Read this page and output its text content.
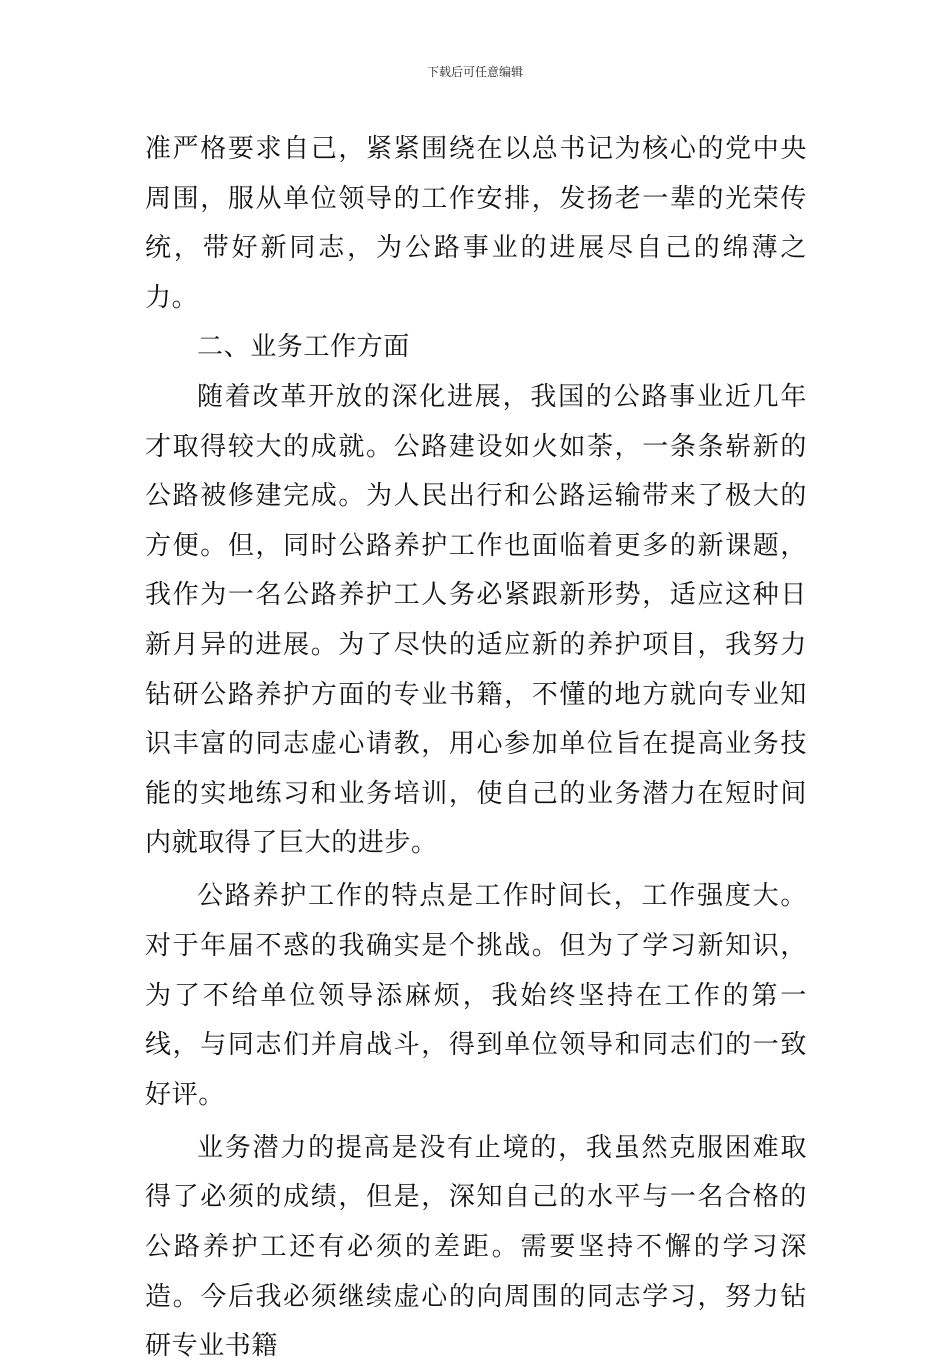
下载后可任意编辑

准严格要求自己，紧紧围绕在以总书记为核心的党中央周围，服从单位领导的工作安排，发扬老一辈的光荣传统，带好新同志，为公路事业的进展尽自己的绵薄之力。

二、业务工作方面

随着改革开放的深化进展，我国的公路事业近几年才取得较大的成就。公路建设如火如荼，一条条崭新的公路被修建完成。为人民出行和公路运输带来了极大的方便。但，同时公路养护工作也面临着更多的新课题，我作为一名公路养护工人务必紧跟新形势，适应这种日新月异的进展。为了尽快的适应新的养护项目，我努力钻研公路养护方面的专业书籍，不懂的地方就向专业知识丰富的同志虚心请教，用心参加单位旨在提高业务技能的实地练习和业务培训，使自己的业务潜力在短时间内就取得了巨大的进步。

公路养护工作的特点是工作时间长，工作强度大。对于年届不惑的我确实是个挑战。但为了学习新知识，为了不给单位领导添麻烦，我始终坚持在工作的第一线，与同志们并肩战斗，得到单位领导和同志们的一致好评。

业务潜力的提高是没有止境的，我虽然克服困难取得了必须的成绩，但是，深知自己的水平与一名合格的公路养护工还有必须的差距。需要坚持不懈的学习深造。今后我必须继续虚心的向周围的同志学习，努力钻研专业书籍
